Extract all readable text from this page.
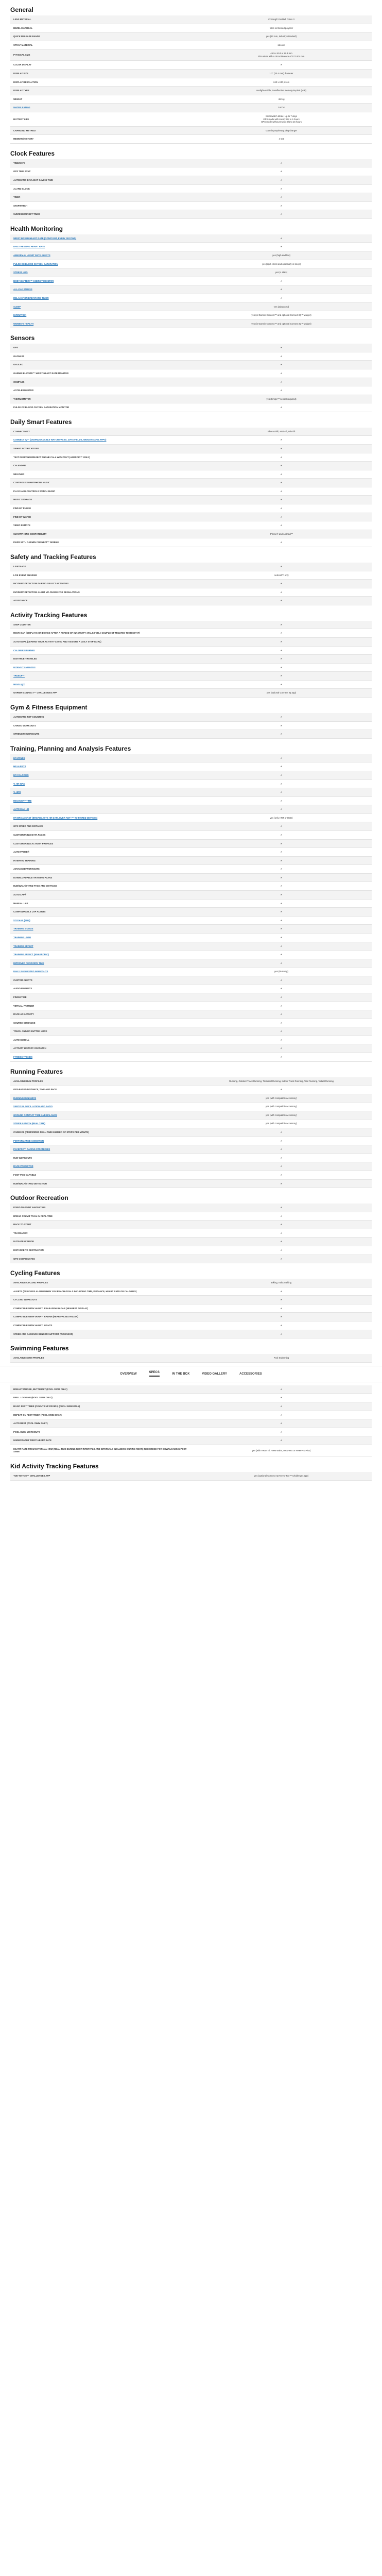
General
LENS MATERIAL	Corning® Gorilla® Glass 3
BEZEL MATERIAL	fiber-reinforced polymer
QUICK RELEASE BANDS	yes (22 mm, industry standard)
STRAP MATERIAL	silicone
PHYSICAL SIZE	45.5 x 45.5 x 12.3 mm
Fits wrists with a circumference of 127-204 mm
COLOR DISPLAY	✔
DISPLAY SIZE	1.2" (30.4 mm) diameter
DISPLAY RESOLUTION	240 x 240 pixels
DISPLAY TYPE	sunlight-visible, transflective memory-in-pixel (MIP)
WEIGHT	49.5 g
WATER RATING	5 ATM
BATTERY LIFE	Smartwatch Mode: Up to 7 days
GPS mode with music: Up to 6 hours
GPS mode without music: Up to 16 hours
CHARGING METHOD	Garmin proprietary plug charger
MEMORY/HISTORY	4 GB
Clock Features
TIME/DATE	✔
GPS TIME SYNC	✔
AUTOMATIC DAYLIGHT SAVING TIME	✔
ALARM CLOCK	✔
TIMER	✔
STOPWATCH	✔
SUNRISE/SUNSET TIMES	✔
Health Monitoring
WRIST-BASED HEART RATE (CONSTANT, EVERY SECOND)	✔
DAILY RESTING HEART RATE	✔
ABNORMAL HEART RATE ALERTS	yes (high and low)
PULSE OX BLOOD OXYGEN SATURATION	yes (spot check and optionally in sleep)
STRESS LOG	yes (4 stats)
BODY BATTERY™ ENERGY MONITOR	✔
ALL-DAY STRESS	✔
RELAXATION BREATHING TIMER	✔
SLEEP	yes (advanced)
HYDRATION	yes (in Garmin Connect™ and optional Connect IQ™ widget)
WOMEN'S HEALTH	yes (in Garmin Connect™ and optional Connect IQ™ widget)
Sensors
GPS	✔
GLONASS	✔
GALILEO	✔
GARMIN ELEVATE™ WRIST HEART RATE MONITOR	✔
COMPASS	✔
ACCELEROMETER	✔
THERMOMETER	yes (tempe™ sensor required)
PULSE OX BLOOD OXYGEN SATURATION MONITOR	✔
Daily Smart Features
CONNECTIVITY	Bluetooth®, ANT+®, Wi-Fi®
CONNECT IQ™ (DOWNLOADABLE WATCH FACES, DATA FIELDS, WIDGETS AND APPS)	✔
SMART NOTIFICATIONS	✔
TEXT RESPONSE/REJECT PHONE CALL WITH TEXT (ANDROID™ ONLY)	✔
CALENDAR	✔
WEATHER	✔
CONTROLS SMARTPHONE MUSIC	✔
PLAYS AND CONTROLS WATCH MUSIC	✔
MUSIC STORAGE	✔
FIND MY PHONE	✔
FIND MY WATCH	✔
VIRB® REMOTE	✔
SMARTPHONE COMPATIBILITY	iPhone® and Android™
PAIRS WITH GARMIN CONNECT™ MOBILE	✔
Safety and Tracking Features
LIVETRACK	✔
LIVE EVENT SHARING	Android™ only
INCIDENT DETECTION DURING SELECT ACTIVITIES	✔
INCIDENT DETECTION ALERT VIA PHONE FOR REGULATIONS	✔
ASSISTANCE	✔
Activity Tracking Features
STEP COUNTER	✔
MOVE BAR (DISPLAYS ON DEVICE AFTER A PERIOD OF INACTIVITY; WALK FOR A COUPLE OF MINUTES TO RESET IT)	✔
AUTO GOAL (LEARNS YOUR ACTIVITY LEVEL AND ASSIGNS A DAILY STEP GOAL)	✔
CALORIES BURNED	✔
DISTANCE TRAVELED	✔
INTENSITY MINUTES	✔
TRUEUP™	✔
MOVE IQ™	✔
GARMIN CONNECT™ CHALLENGES APP	yes (optional Connect IQ app)
Gym & Fitness Equipment
AUTOMATIC REP COUNTING	✔
CARDIO WORKOUTS	✔
STRENGTH WORKOUTS	✔
Training, Planning and Analysis Features
HR ZONES	✔
HR ALERTS	✔
HR CALORIES	✔
% HR MAX	✔
% HRR	✔
RECOVERY TIME	✔
AUTO MAX HR	✔
HR BROADCAST (BROADCASTS HR DATA OVER ANT+™ TO PAIRED DEVICES)	yes (only HRT or OCE)
GPS SPEED AND DISTANCE	✔
CUSTOMIZABLE DATA PAGES	✔
CUSTOMIZABLE ACTIVITY PROFILES	✔
AUTO PAUSE®	✔
INTERVAL TRAINING	✔
ADVANCED WORKOUTS	✔
DOWNLOADABLE TRAINING PLANS	✔
RUN/WALK/STAND PACE AND DISTANCE	✔
AUTO LAP®	✔
MANUAL LAP	✔
CONFIGURABLE LAP ALERTS	✔
VO2 MAX (RUN)	✔
TRAINING STATUS	✔
TRAINING LOAD	✔
TRAINING EFFECT	✔
TRAINING EFFECT (ANAEROBIC)	✔
IMPROVED RECOVERY TIME	✔
DAILY SUGGESTED WORKOUTS	yes (Running)
CUSTOM ALERTS	✔
AUDIO PROMPTS	✔
FINISH TIME	✔
VIRTUAL PARTNER	✔
RACE AN ACTIVITY	✔
COURSE GUIDANCE	✔
TOUCH AND/OR BUTTON LOCK	✔
AUTO SCROLL	✔
ACTIVITY HISTORY ON WATCH	✔
FITNESS TRENDS	✔
Running Features
AVAILABLE RUN PROFILES	Running, Outdoor Track Running, Treadmill Running, Indoor Track Running, Trail Running, Virtual Running
GPS-BASED DISTANCE, TIME AND PACE	✔
RUNNING DYNAMICS	yes (with compatible accessory)
VERTICAL OSCILLATION AND RATIO	yes (with compatible accessory)
GROUND CONTACT TIME AND BALANCE	yes (with compatible accessory)
STRIDE LENGTH (REAL TIME)	yes (with compatible accessory)
CADENCE (PREFERRED REAL-TIME NUMBER OF STEPS PER MINUTE)	✔
PERFORMANCE CONDITION	✔
PACEPRO™ PACING STRATEGIES	✔
RUN WORKOUTS	✔
RACE PREDICTOR	✔
FOOT POD CAPABLE	✔
RUN/WALK/STAND DETECTION	✔
Outdoor Recreation
POINT-TO-POINT NAVIGATION	✔
BREAD CRUMB TRAIL IN REAL TIME	✔
BACK TO START	✔
TRACBACK®	✔
ULTRATRAC MODE	✔
DISTANCE TO DESTINATION	✔
GPS COORDINATES	✔
Cycling Features
AVAILABLE CYCLING PROFILES	Biking, Indoor Biking
ALERTS (TRIGGERS ALARM WHEN YOU REACH GOALS INCLUDING TIME, DISTANCE, HEART RATE OR CALORIES)	✔
CYCLING WORKOUTS	✔
COMPATIBLE WITH VARIA™ REAR-VIEW RADAR (NEAREST DISPLAY)	✔
COMPATIBLE WITH VARIA™ RADAR (REAR-FACING RADAR)	✔
COMPATIBLE WITH VARIA™ LIGHTS	✔
SPEED AND CADENCE SENSOR SUPPORT (W/SENSOR)	✔
Swimming Features
AVAILABLE SWIM PROFILES	Pool Swimming
OVERVIEW	SPECS	IN THE BOX	VIDEO GALLERY	ACCESSORIES
BREASTSTROKE, BUTTERFLY (POOL SWIM ONLY)	✔
DRILL LOGGING (POOL SWIM ONLY)	✔
BASIC REST TIMER (COUNTS UP FROM 0) (POOL SWIM ONLY)	✔
REPEAT ON REST TIMER (POOL SWIM ONLY)	✔
AUTO REST (POOL SWIM ONLY)	✔
POOL SWIM WORKOUTS	✔
UNDERWATER WRIST HEART RATE	✔
HEART RATE FROM EXTERNAL HRM (REAL-TIME DURING REST INTERVALS AND INTERVALS INCLUDING DURING REST); RECORDED FOR DOWNLOADING POST-SWIM	yes (with HRM-Tri, HRM-Swim, HRM-Pro or HRM-Pro Plus)
Kid Activity Tracking Features
TOE-TO-TOE™ CHALLENGES APP	yes (optional Connect IQ Toe-to-Toe™ Challenges app)
